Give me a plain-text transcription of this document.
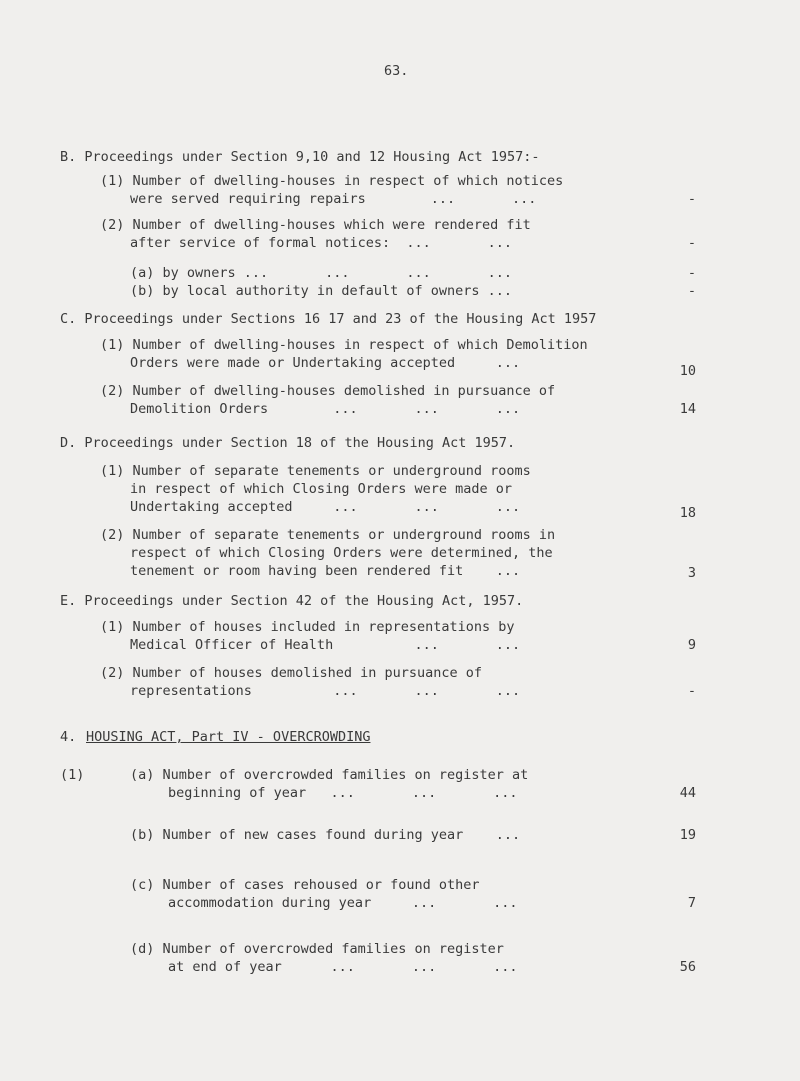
63.
B. Proceedings under Section 9,10 and 12 Housing Act 1957:-
(1) Number of dwelling-houses in respect of which notices
were served requiring repairs        ...       ...	-
(2) Number of dwelling-houses which were rendered fit
after service of formal notices:  ...       ...	-
(a) by owners ...       ...       ...       ...	-
(b) by local authority in default of owners ...	-
C. Proceedings under Sections 16 17 and 23 of the Housing Act 1957
(1) Number of dwelling-houses in respect of which Demolition
Orders were made or Undertaking accepted     ...	10
(2) Number of dwelling-houses demolished in pursuance of
Demolition Orders        ...       ...       ...	14
D. Proceedings under Section 18 of the Housing Act 1957.
(1) Number of separate tenements or underground rooms
in respect of which Closing Orders were made or
Undertaking accepted     ...       ...       ...	18
(2) Number of separate tenements or underground rooms in
respect of which Closing Orders were determined, the
tenement or room having been rendered fit    ...	3
E. Proceedings under Section 42 of the Housing Act, 1957.
(1) Number of houses included in representations by
Medical Officer of Health          ...       ...	9
(2) Number of houses demolished in pursuance of
representations          ...       ...       ...	-
4. HOUSING ACT, Part IV - OVERCROWDING
(1)	(a) Number of overcrowded families on register at
beginning of year   ...       ...       ...	44
(b) Number of new cases found during year    ...	19
(c) Number of cases rehoused or found other
accommodation during year     ...       ...	7
(d) Number of overcrowded families on register
at end of year      ...       ...       ...	56
